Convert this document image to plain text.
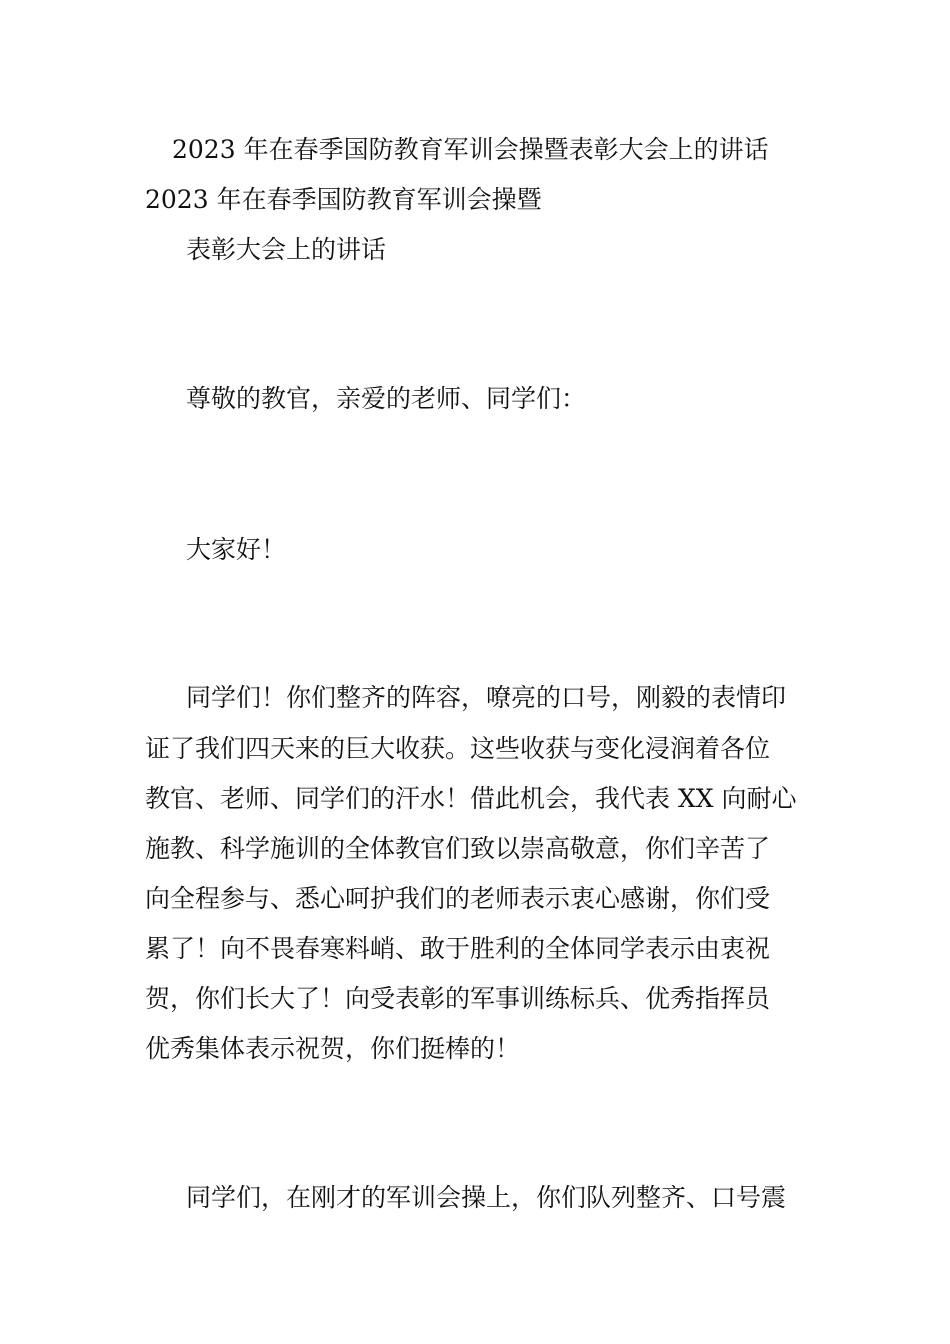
2023 年在春季国防教育军训会操暨表彰大会上的讲话
2023 年在春季国防教育军训会操暨
表彰大会上的讲话
尊敬的教官，亲爱的老师、同学们：
大家好！
同学们！你们整齐的阵容，嘹亮的口号，刚毅的表情印
证了我们四天来的巨大收获。这些收获与变化浸润着各位
教官、老师、同学们的汗水！借此机会，我代表 XX 向耐心
施教、科学施训的全体教官们致以崇高敬意，你们辛苦了
向全程参与、悉心呵护我们的老师表示衷心感谢，你们受
累了！向不畏春寒料峭、敢于胜利的全体同学表示由衷祝
贺，你们长大了！向受表彰的军事训练标兵、优秀指挥员
优秀集体表示祝贺，你们挺棒的！
同学们，在刚才的军训会操上，你们队列整齐、口号震
